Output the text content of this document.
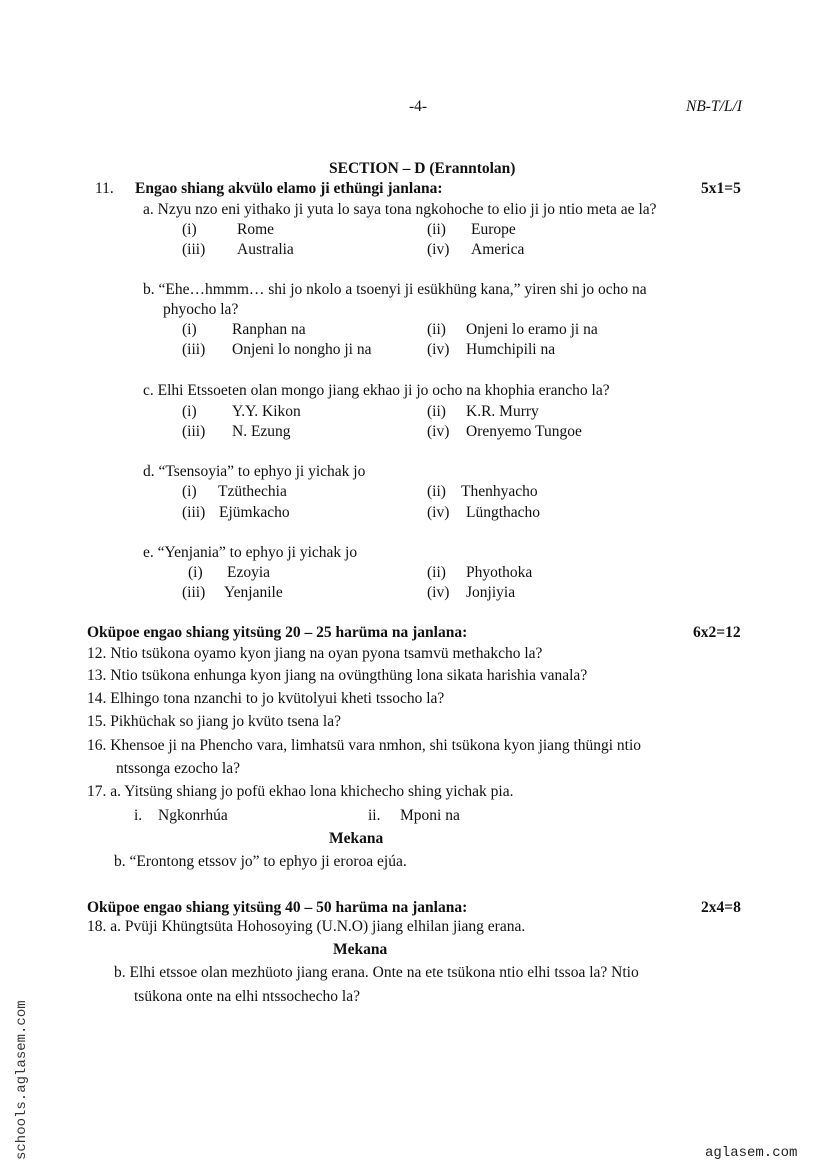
-4-	NB-T/L/I
SECTION – D (Eranntolan)
11. Engao shiang akvülo elamo ji ethüngi janlana:	5x1=5
a. Nzyu nzo eni yithako ji yuta lo saya tona ngkohoche to elio ji jo ntio meta ae la?
(i)	Rome	(ii) Europe
(iii) Australia	(iv) America
b. “Ehe…hmmm… shi jo nkolo a tsoenyi ji esükhüng kana,” yiren shi jo ocho na
phyocho la?
(i) Ranphan na	(ii) Onjeni lo eramo ji na
(iii) Onjeni lo nongho ji na	(iv) Humchipili na
c. Elhi Etssoeten olan mongo jiang ekhao ji jo ocho na khophia erancho la?
(i) Y.Y. Kikon	(ii) K.R. Murry
(iii) N. Ezung	(iv) Orenyemo Tungoe
d. “Tsensoyia” to ephyo ji yichak jo
(i) Tzüthechia	(ii) Thenhyacho
(iii) Ejümkacho	(iv) Lüngthacho
e. “Yenjania” to ephyo ji yichak jo
(i) Ezoyia	(ii) Phyothoka
(iii) Yenjanile	(iv) Jonjiyia
Oküpoe engao shiang yitsüng 20 – 25 harüma na janlana:	6x2=12
12. Ntio tsükona oyamo kyon jiang na oyan pyona tsamvü methakcho la?
13. Ntio tsükona enhunga kyon jiang na ovüngthüng lona sikata harishia vanala?
14. Elhingo tona nzanchi to jo kvütolyui kheti tssocho la?
15. Pikhüchak so jiang jo kvüto tsena la?
16. Khensoe ji na Phencho vara, limhatsü vara nmhon, shi tsükona kyon jiang thüngi ntio
ntssonga ezocho la?
17. a. Yitsüng shiang jo pofü ekhao lona khichecho shing yichak pia.
i. Ngkonrhúa	ii. Mponi na
Mekana
b. “Erontong etssov jo” to ephyo ji eroroa ejúa.
Oküpoe engao shiang yitsüng 40 – 50 harüma na janlana:	2x4=8
18. a. Pvüji Khüngtsüta Hohosoying (U.N.O) jiang elhilan jiang erana.
Mekana
b. Elhi etssoe olan mezhüoto jiang erana. Onte na ete tsükona ntio elhi tssoa la? Ntio
tsükona onte na elhi ntssochecho la?
schools.aglasem.com	aglasem.com
